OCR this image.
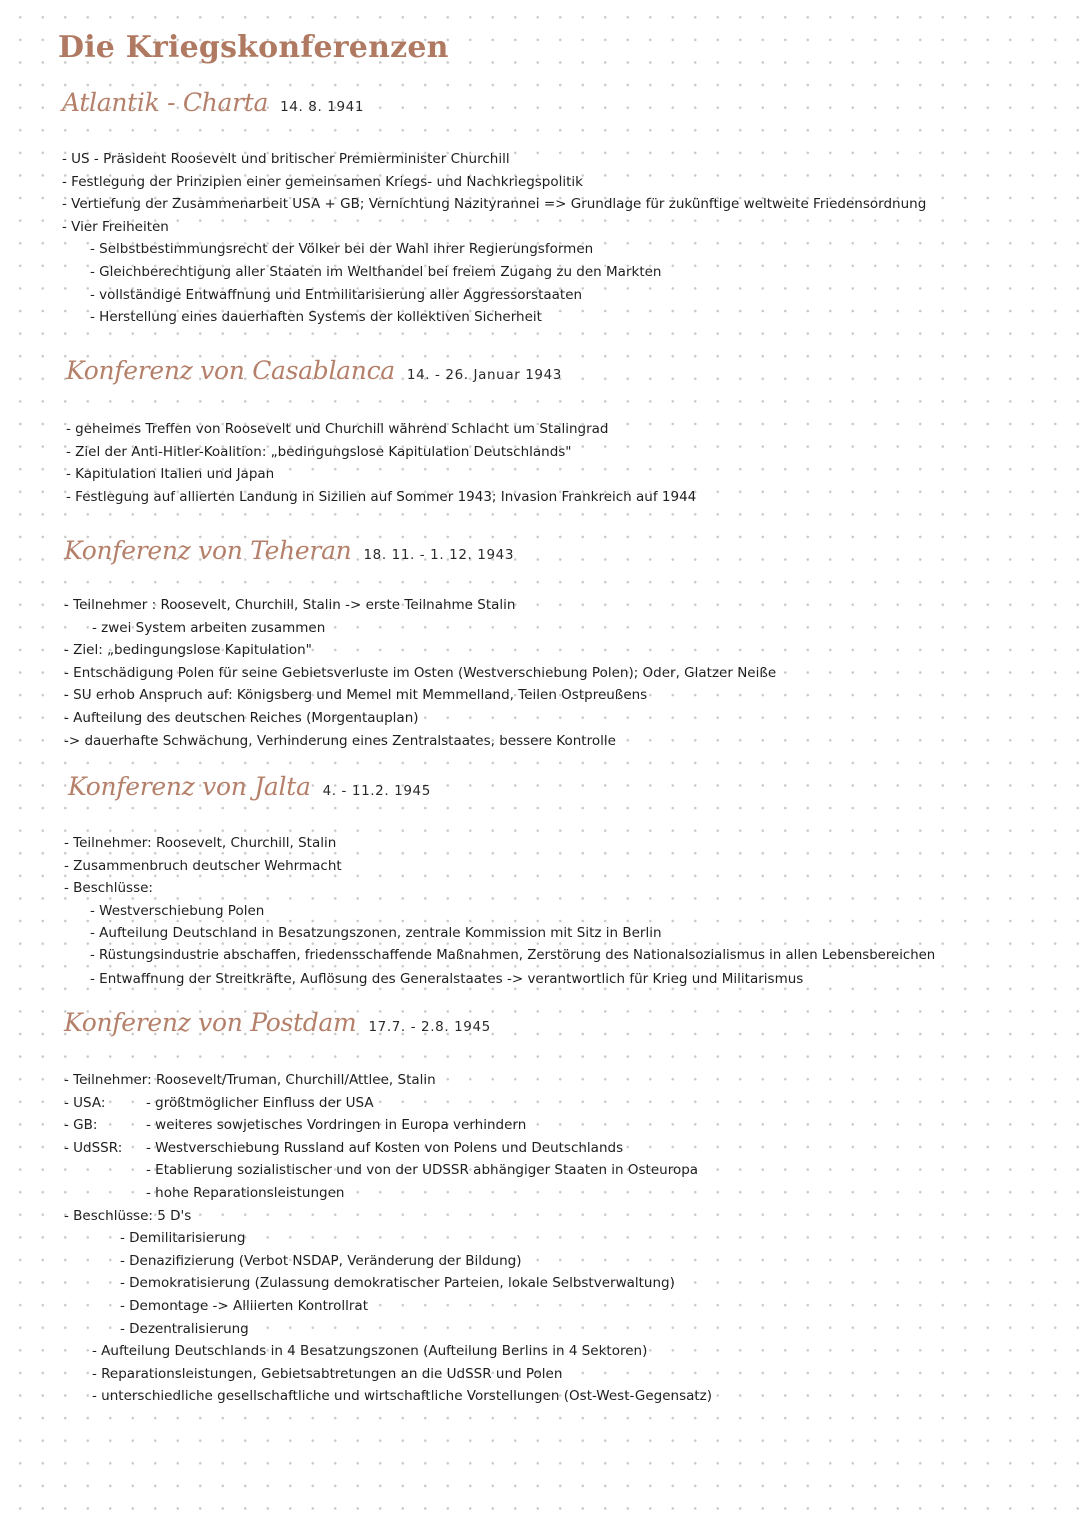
Die Kriegskonferenzen
Atlantik - Charta 14. 8. 1941
- US - Präsident Roosevelt und britischer Premierminister Churchill
- Festlegung der Prinzipien einer gemeinsamen Kriegs- und Nachkriegspolitik
- Vertiefung der Zusammenarbeit USA + GB; Vernichtung Nazityrannei => Grundlage für zukünftige weltweite Friedensordnung
- Vier Freiheiten
- Selbstbestimmungsrecht der Völker bei der Wahl ihrer Regierungsformen
- Gleichberechtigung aller Staaten im Welthandel bei freiem Zugang zu den Markten
- vollständige Entwaffnung und Entmilitarisierung aller Aggressorstaaten
- Herstellung eines dauerhaften Systems der kollektiven Sicherheit
Konferenz von Casablanca 14. - 26. Januar 1943
- geheimes Treffen von Roosevelt und Churchill während Schlacht um Stalingrad
- Ziel der Anti-Hitler-Koalition: „bedingungslose Kapitulation Deutschlands"
- Kapitulation Italien und Japan
- Festlegung auf allierten Landung in Sizilien auf Sommer 1943; Invasion Frankreich auf 1944
Konferenz von Teheran 18. 11. - 1. 12. 1943
- Teilnehmer : Roosevelt, Churchill, Stalin -> erste Teilnahme Stalin
- zwei System arbeiten zusammen
- Ziel: „bedingungslose Kapitulation"
- Entschädigung Polen für seine Gebietsverluste im Osten (Westverschiebung Polen); Oder, Glatzer Neiße
- SU erhob Anspruch auf: Königsberg und Memel mit Memmelland, Teilen Ostpreußens
- Aufteilung des deutschen Reiches (Morgentauplan)
-> dauerhafte Schwächung, Verhinderung eines Zentralstaates, bessere Kontrolle
Konferenz von Jalta 4. - 11.2. 1945
- Teilnehmer: Roosevelt, Churchill, Stalin
- Zusammenbruch deutscher Wehrmacht
- Beschlüsse:
- Westverschiebung Polen
- Aufteilung Deutschland in Besatzungszonen, zentrale Kommission mit Sitz in Berlin
- Rüstungsindustrie abschaffen, friedensschaffende Maßnahmen, Zerstörung des Nationalsozialismus in allen Lebensbereichen
- Entwaffnung der Streitkräfte, Auflösung des Generalstaates -> verantwortlich für Krieg und Militarismus
Konferenz von Postdam 17.7. - 2.8. 1945
- Teilnehmer: Roosevelt/Truman, Churchill/Attlee, Stalin
- USA:	- größtmöglicher Einfluss der USA
- GB:	- weiteres sowjetisches Vordringen in Europa verhindern
- UdSSR: - Westverschiebung Russland auf Kosten von Polens und Deutschlands
- Etablierung sozialistischer und von der UDSSR abhängiger Staaten in Osteuropa
- hohe Reparationsleistungen
- Beschlüsse: 5 D's
- Demilitarisierung
- Denazifizierung (Verbot NSDAP, Veränderung der Bildung)
- Demokratisierung (Zulassung demokratischer Parteien, lokale Selbstverwaltung)
- Demontage -> Alliierten Kontrollrat
- Dezentralisierung
- Aufteilung Deutschlands in 4 Besatzungszonen (Aufteilung Berlins in 4 Sektoren)
- Reparationsleistungen, Gebietsabtretungen an die UdSSR und Polen
- unterschiedliche gesellschaftliche und wirtschaftliche Vorstellungen (Ost-West-Gegensatz)
